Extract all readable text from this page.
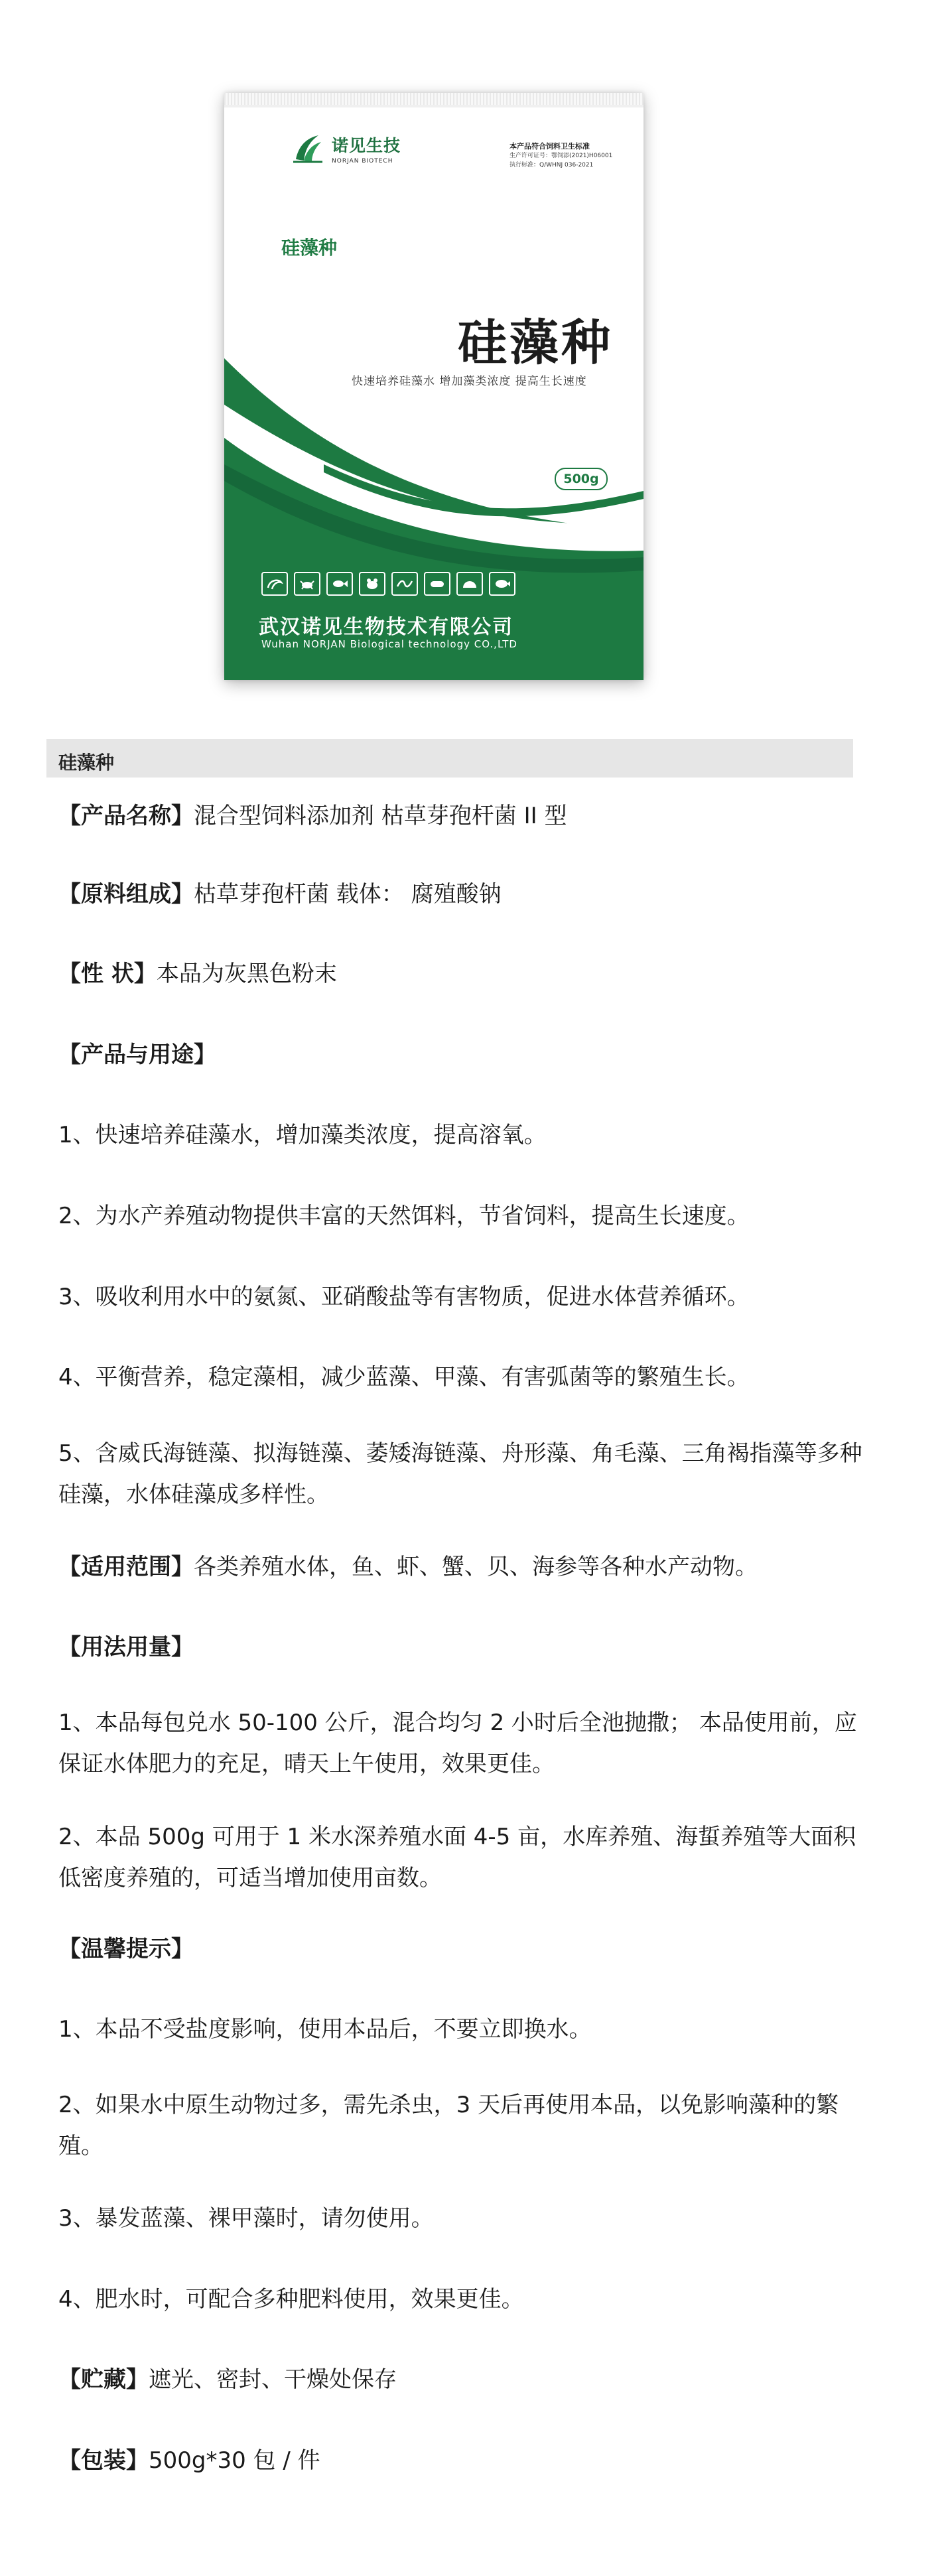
诺见生技
NORJAN BIOTECH
本产品符合饲料卫生标准
生产许可证号：鄂饲添(2021)H06001
执行标准：Q/WHNJ 036-2021
硅藻种
硅藻种
快速培养硅藻水 增加藻类浓度 提高生长速度
500g
武汉诺见生物技术有限公司
Wuhan NORJAN Biological technology CO.,LTD
硅藻种
【产品名称】混合型饲料添加剂 枯草芽孢杆菌 II 型
【原料组成】枯草芽孢杆菌 载体： 腐殖酸钠
【性 状】本品为灰黑色粉末
【产品与用途】
1、快速培养硅藻水，增加藻类浓度，提高溶氧。
2、为水产养殖动物提供丰富的天然饵料，节省饲料，提高生长速度。
3、吸收利用水中的氨氮、亚硝酸盐等有害物质，促进水体营养循环。
4、平衡营养，稳定藻相，减少蓝藻、甲藻、有害弧菌等的繁殖生长。
5、含威氏海链藻、拟海链藻、萎矮海链藻、舟形藻、角毛藻、三角褐指藻等多种硅藻，水体硅藻成多样性。
【适用范围】各类养殖水体，鱼、虾、蟹、贝、海参等各种水产动物。
【用法用量】
1、本品每包兑水 50-100 公斤，混合均匀 2 小时后全池抛撒； 本品使用前，应保证水体肥力的充足，晴天上午使用，效果更佳。
2、本品 500g 可用于 1 米水深养殖水面 4-5 亩，水库养殖、海蜇养殖等大面积低密度养殖的，可适当增加使用亩数。
【温馨提示】
1、本品不受盐度影响，使用本品后，不要立即换水。
2、如果水中原生动物过多，需先杀虫，3 天后再使用本品，以免影响藻种的繁殖。
3、暴发蓝藻、裸甲藻时，请勿使用。
4、肥水时，可配合多种肥料使用，效果更佳。
【贮藏】遮光、密封、干燥处保存
【包装】500g*30 包 / 件
